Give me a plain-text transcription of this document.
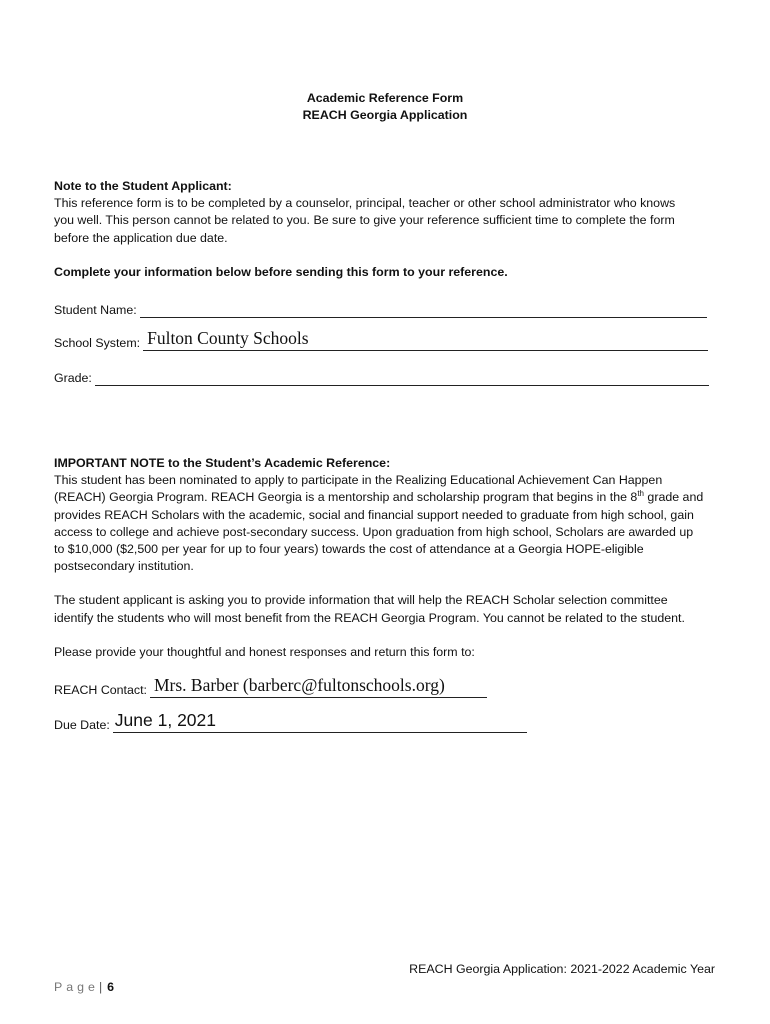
Academic Reference Form
REACH Georgia Application
Note to the Student Applicant:
This reference form is to be completed by a counselor, principal, teacher or other school administrator who knows
you well. This person cannot be related to you. Be sure to give your reference sufficient time to complete the form
before the application due date.
Complete your information below before sending this form to your reference.
Student Name:
School System: Fulton County Schools
Grade:
IMPORTANT NOTE to the Student’s Academic Reference:
This student has been nominated to apply to participate in the Realizing Educational Achievement Can Happen
(REACH) Georgia Program. REACH Georgia is a mentorship and scholarship program that begins in the 8th grade and
provides REACH Scholars with the academic, social and financial support needed to graduate from high school, gain
access to college and achieve post-secondary success. Upon graduation from high school, Scholars are awarded up
to $10,000 ($2,500 per year for up to four years) towards the cost of attendance at a Georgia HOPE-eligible
postsecondary institution.
The student applicant is asking you to provide information that will help the REACH Scholar selection committee
identify the students who will most benefit from the REACH Georgia Program. You cannot be related to the student.
Please provide your thoughtful and honest responses and return this form to:
REACH Contact: Mrs. Barber (barberc@fultonschools.org)
Due Date: June 1, 2021
REACH Georgia Application: 2021-2022 Academic Year
Page | 6
